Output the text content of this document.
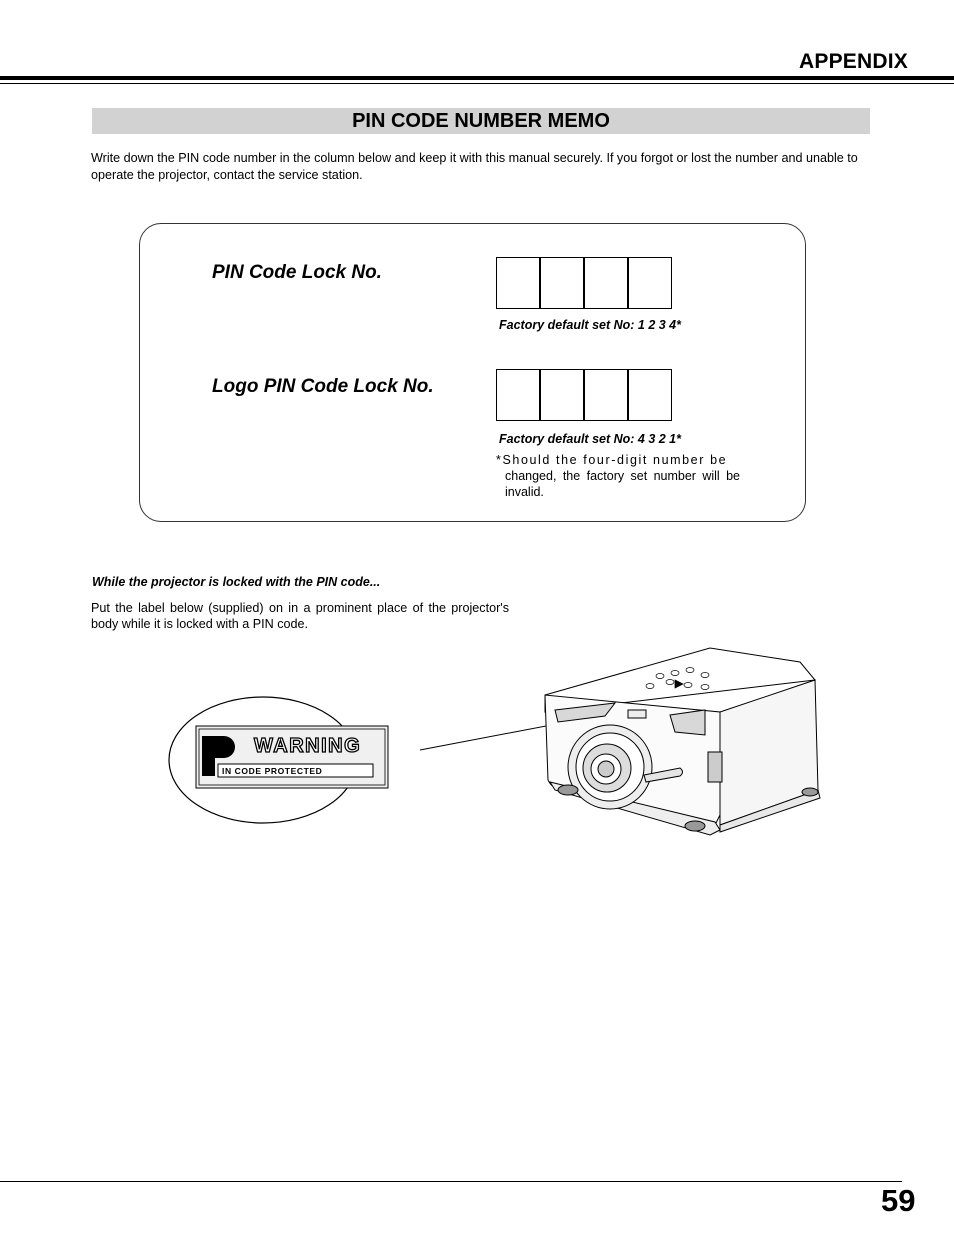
APPENDIX
PIN CODE NUMBER MEMO
Write down the PIN code number in the column below and keep it with this manual securely. If you forgot or lost the number and unable to operate the projector, contact the service station.
PIN Code Lock No.
Factory default set No: 1 2 3 4*
Logo PIN Code Lock No.
Factory default set No: 4 3 2 1*
*Should the four-digit number be
changed, the factory set number will be invalid.
While the projector is locked with the PIN code...
Put the label below (supplied) on in a prominent place of the projector's body while it is locked with a PIN code.
WARNING
IN CODE PROTECTED
59
